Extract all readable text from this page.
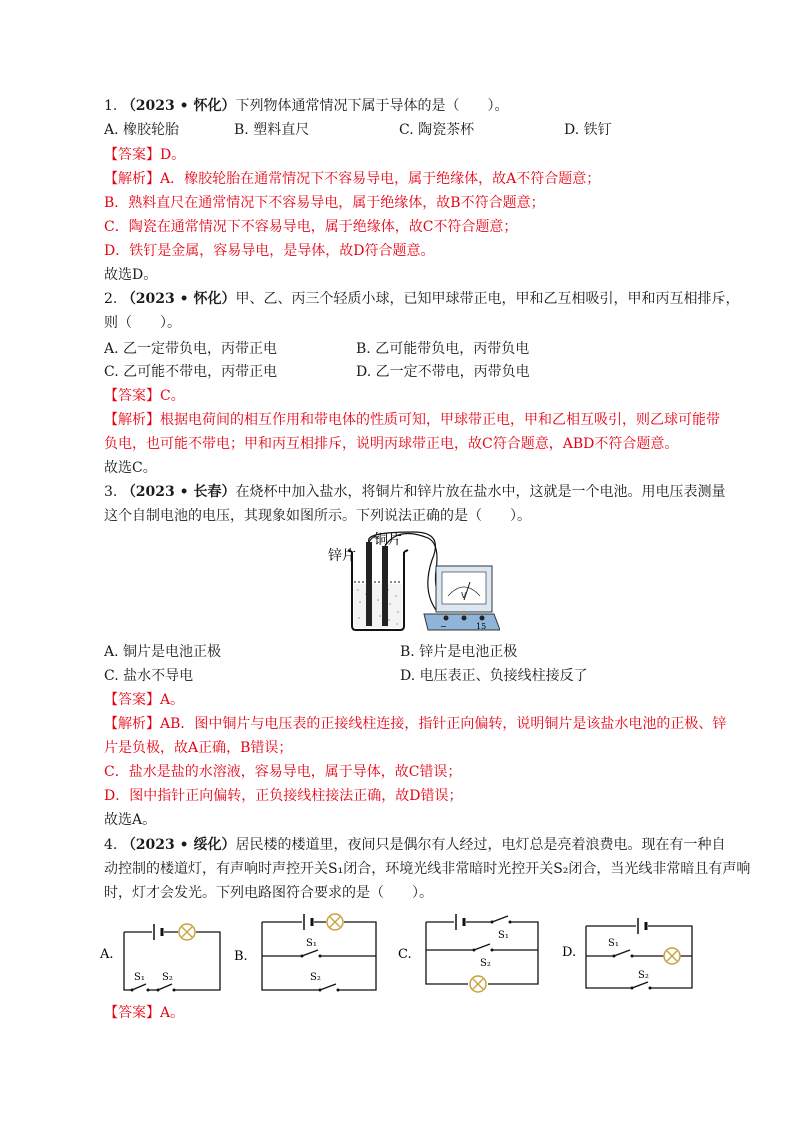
1. （2023 • 怀化）下列物体通常情况下属于导体的是（　　）。
A. 橡胶轮胎	B. 塑料直尺	C. 陶瓷茶杯	D. 铁钉
【答案】D。
【解析】A．橡胶轮胎在通常情况下不容易导电，属于绝缘体，故A不符合题意；
B．熟料直尺在通常情况下不容易导电，属于绝缘体，故B不符合题意；
C．陶瓷在通常情况下不容易导电，属于绝缘体，故C不符合题意；
D．铁钉是金属，容易导电，是导体，故D符合题意。
故选D。
2. （2023 • 怀化）甲、乙、丙三个轻质小球，已知甲球带正电，甲和乙互相吸引，甲和丙互相排斥，
则（　　）。
A. 乙一定带负电，丙带正电	B. 乙可能带负电，丙带负电
C. 乙可能不带电，丙带正电	D. 乙一定不带电，丙带负电
【答案】C。
【解析】根据电荷间的相互作用和带电体的性质可知，甲球带正电，甲和乙相互吸引，则乙球可能带
负电，也可能不带电；甲和丙互相排斥，说明丙球带正电，故C符合题意，ABD不符合题意。
故选C。
3. （2023 • 长春）在烧杯中加入盐水，将铜片和锌片放在盐水中，这就是一个电池。用电压表测量
这个自制电池的电压，其现象如图所示。下列说法正确的是（　　）。
锌片
铜片
V
−	15
A. 铜片是电池正极	B. 锌片是电池正极
C. 盐水不导电	D. 电压表正、负接线柱接反了
【答案】A。
【解析】AB．图中铜片与电压表的正接线柱连接，指针正向偏转，说明铜片是该盐水电池的正极、锌
片是负极，故A正确，B错误；
C．盐水是盐的水溶液，容易导电，属于导体，故C错误；
D．图中指针正向偏转，正负接线柱接法正确，故D错误；
故选A。
4. （2023 • 绥化）居民楼的楼道里，夜间只是偶尔有人经过，电灯总是亮着浪费电。现在有一种自
动控制的楼道灯，有声响时声控开关S₁闭合，环境光线非常暗时光控开关S₂闭合，当光线非常暗且有声响
时，灯才会发光。下列电路图符合要求的是（　　）。
A.
S₁ S₂
B.
S₁
S₂
C.
S₁
S₂
D.
S₁
S₂
【答案】A。
